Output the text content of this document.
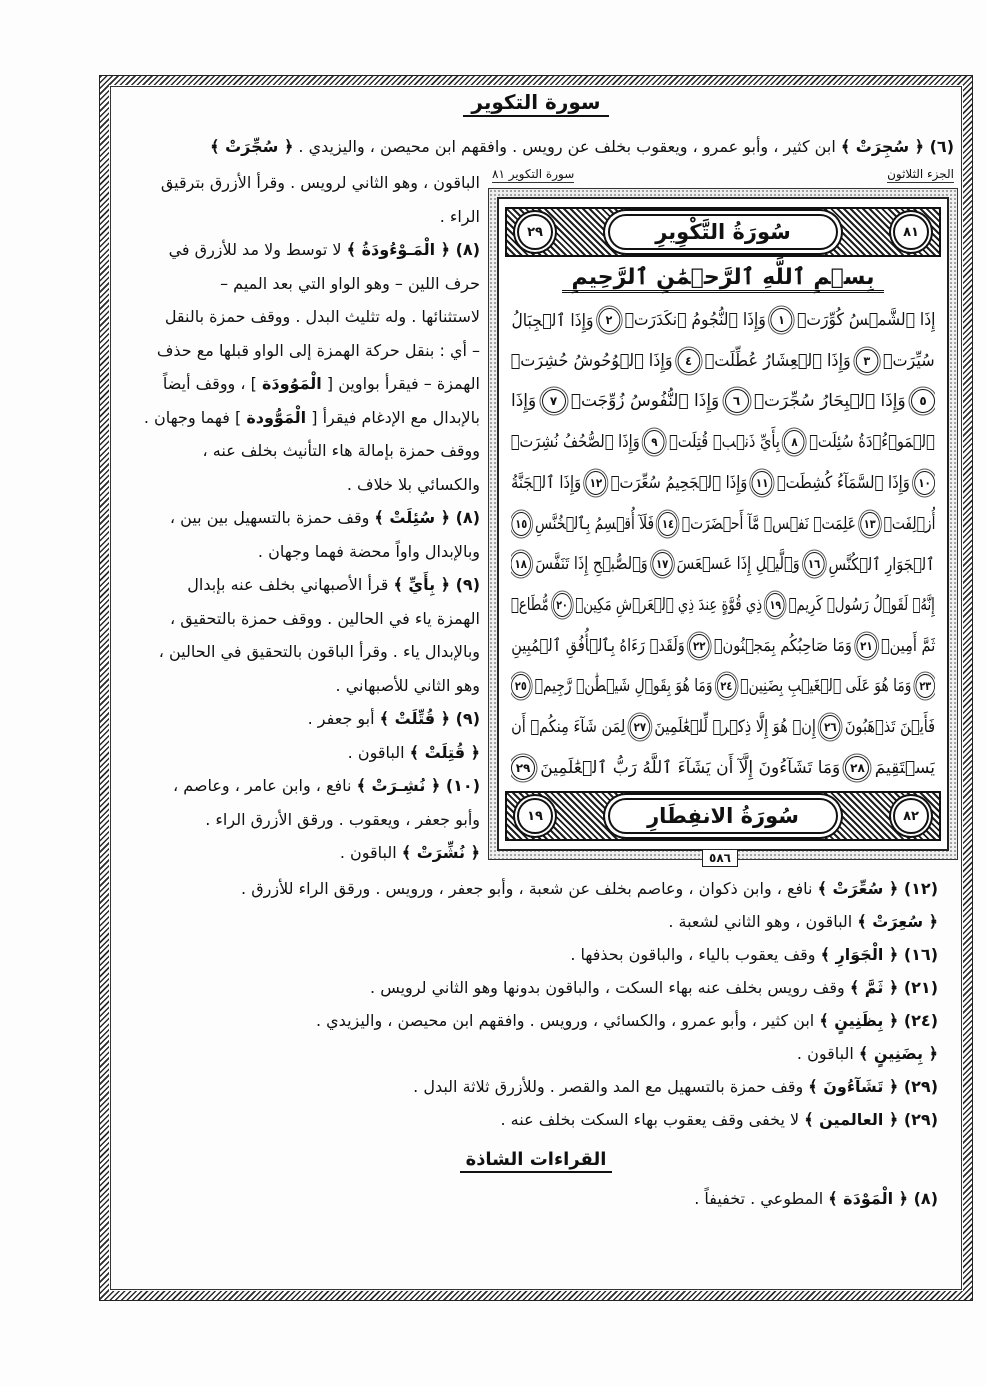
سورة التكوير
(٦) ﴿ سُجِرَتْ ﴾ ابن كثير ، وأبو عمرو ، ويعقوب بخلف عن رويس . وافقهم ابن محيصن ، واليزيدي . ﴿ سُجِّرَتْ ﴾
الجزء الثلاثون
سورة التكوير ٨١
٨١
سُورَةُ التَّكْوِيرِ
٢٩
بِسۡمِ ٱللَّهِ ٱلرَّحۡمَٰنِ ٱلرَّحِيمِ
إِذَا ٱلشَّمۡسُ كُوِّرَتۡ
١
وَإِذَا ٱلنُّجُومُ ٱنكَدَرَتۡ
٢
وَإِذَا ٱلۡجِبَالُ
سُيِّرَتۡ
٣
وَإِذَا ٱلۡعِشَارُ عُطِّلَتۡ
٤
وَإِذَا ٱلۡوُحُوشُ حُشِرَتۡ
٥
وَإِذَا ٱلۡبِحَارُ سُجِّرَتۡ
٦
وَإِذَا ٱلنُّفُوسُ زُوِّجَتۡ
٧
وَإِذَا
ٱلۡمَوۡءُۥدَةُ سُئِلَتۡ
٨
بِأَيِّ ذَنۢبٖ قُتِلَتۡ
٩
وَإِذَا ٱلصُّحُفُ نُشِرَتۡ
١٠
وَإِذَا ٱلسَّمَآءُ كُشِطَتۡ
١١
وَإِذَا ٱلۡجَحِيمُ سُعِّرَتۡ
١٢
وَإِذَا ٱلۡجَنَّةُ
أُزۡلِفَتۡ
١٣
عَلِمَتۡ نَفۡسٞ مَّآ أَحۡضَرَتۡ
١٤
فَلَآ أُقۡسِمُ بِٱلۡخُنَّسِ
١٥
ٱلۡجَوَارِ ٱلۡكُنَّسِ
١٦
وَٱلَّيۡلِ إِذَا عَسۡعَسَ
١٧
وَٱلصُّبۡحِ إِذَا تَنَفَّسَ
١٨
إِنَّهُۥ لَقَوۡلُ رَسُولٖ كَرِيمٖ
١٩
ذِي قُوَّةٍ عِندَ ذِي ٱلۡعَرۡشِ مَكِينٖ
٢٠
مُّطَاعٖ
ثَمَّ أَمِينٖ
٢١
وَمَا صَاحِبُكُم بِمَجۡنُونٖ
٢٢
وَلَقَدۡ رَءَاهُ بِٱلۡأُفُقِ ٱلۡمُبِينِ
٢٣
وَمَا هُوَ عَلَى ٱلۡغَيۡبِ بِضَنِينٖ
٢٤
وَمَا هُوَ بِقَوۡلِ شَيۡطَٰنٖ رَّجِيمٖ
٢٥
فَأَيۡنَ تَذۡهَبُونَ
٢٦
إِنۡ هُوَ إِلَّا ذِكۡرٞ لِّلۡعَٰلَمِينَ
٢٧
لِمَن شَآءَ مِنكُمۡ أَن
يَسۡتَقِيمَ
٢٨
وَمَا تَشَآءُونَ إِلَّآ أَن يَشَآءَ ٱللَّهُ رَبُّ ٱلۡعَٰلَمِينَ
٢٩
٨٢
سُورَةُ الانفِطَارِ
١٩
٥٨٦
الباقون ، وهو الثاني لرويس . وقرأ الأزرق بترقيق
الراء .
(٨) ﴿ الْمَـوْءُودَةُ ﴾ لا توسط ولا مد للأزرق في
حرف اللين – وهو الواو التي بعد الميم –
لاستثنائها . وله تثليث البدل . ووقف حمزة بالنقل
– أي : بنقل حركة الهمزة إلى الواو قبلها مع حذف
الهمزة – فيقرأ بواوين [ الْمَوُودَة ] ، ووقف أيضاً
بالإبدال مع الإدغام فيقرأ [ الْمَوُّودة ] فهما وجهان .
ووقف حمزة بإمالة هاء التأنيث بخلف عنه ،
والكسائي بلا خلاف .
(٨) ﴿ سُئِلَتْ ﴾ وقف حمزة بالتسهيل بين بين ،
وبالإبدال واواً محضة فهما وجهان .
(٩) ﴿ بِأَيِّ ﴾ قرأ الأصبهاني بخلف عنه بإبدال
الهمزة ياء في الحالين . ووقف حمزة بالتحقيق ،
وبالإبدال ياء . وقرأ الباقون بالتحقيق في الحالين ،
وهو الثاني للأصبهاني .
(٩) ﴿ قُتِّلَتْ ﴾ أبو جعفر .
﴿ قُتِلَتْ ﴾ الباقون .
(١٠) ﴿ نُشِـرَتْ ﴾ نافع ، وابن عامر ، وعاصم ،
وأبو جعفر ، ويعقوب . ورقق الأزرق الراء .
﴿ نُشِّرَتْ ﴾ الباقون .
(١٢) ﴿ سُعِّرَتْ ﴾ نافع ، وابن ذكوان ، وعاصم بخلف عن شعبة ، وأبو جعفر ، ورويس . ورقق الراء للأزرق .
﴿ سُعِرَتْ ﴾ الباقون ، وهو الثاني لشعبة .
(١٦) ﴿ الْجَوَارِ ﴾ وقف يعقوب بالياء ، والباقون بحذفها .
(٢١) ﴿ ثَمَّ ﴾ وقف رويس بخلف عنه بهاء السكت ، والباقون بدونها وهو الثاني لرويس .
(٢٤) ﴿ بِظَنِينٍ ﴾ ابن كثير ، وأبو عمرو ، والكسائي ، ورويس . وافقهم ابن محيصن ، واليزيدي .
﴿ بِضَنِينٍ ﴾ الباقون .
(٢٩) ﴿ تَشَآءُونَ ﴾ وقف حمزة بالتسهيل مع المد والقصر . وللأزرق ثلاثة البدل .
(٢٩) ﴿ العالمين ﴾ لا يخفى وقف يعقوب بهاء السكت بخلف عنه .
القراءات الشاذة
(٨) ﴿ الْمَوْدَة ﴾ المطوعي . تخفيفاً .
